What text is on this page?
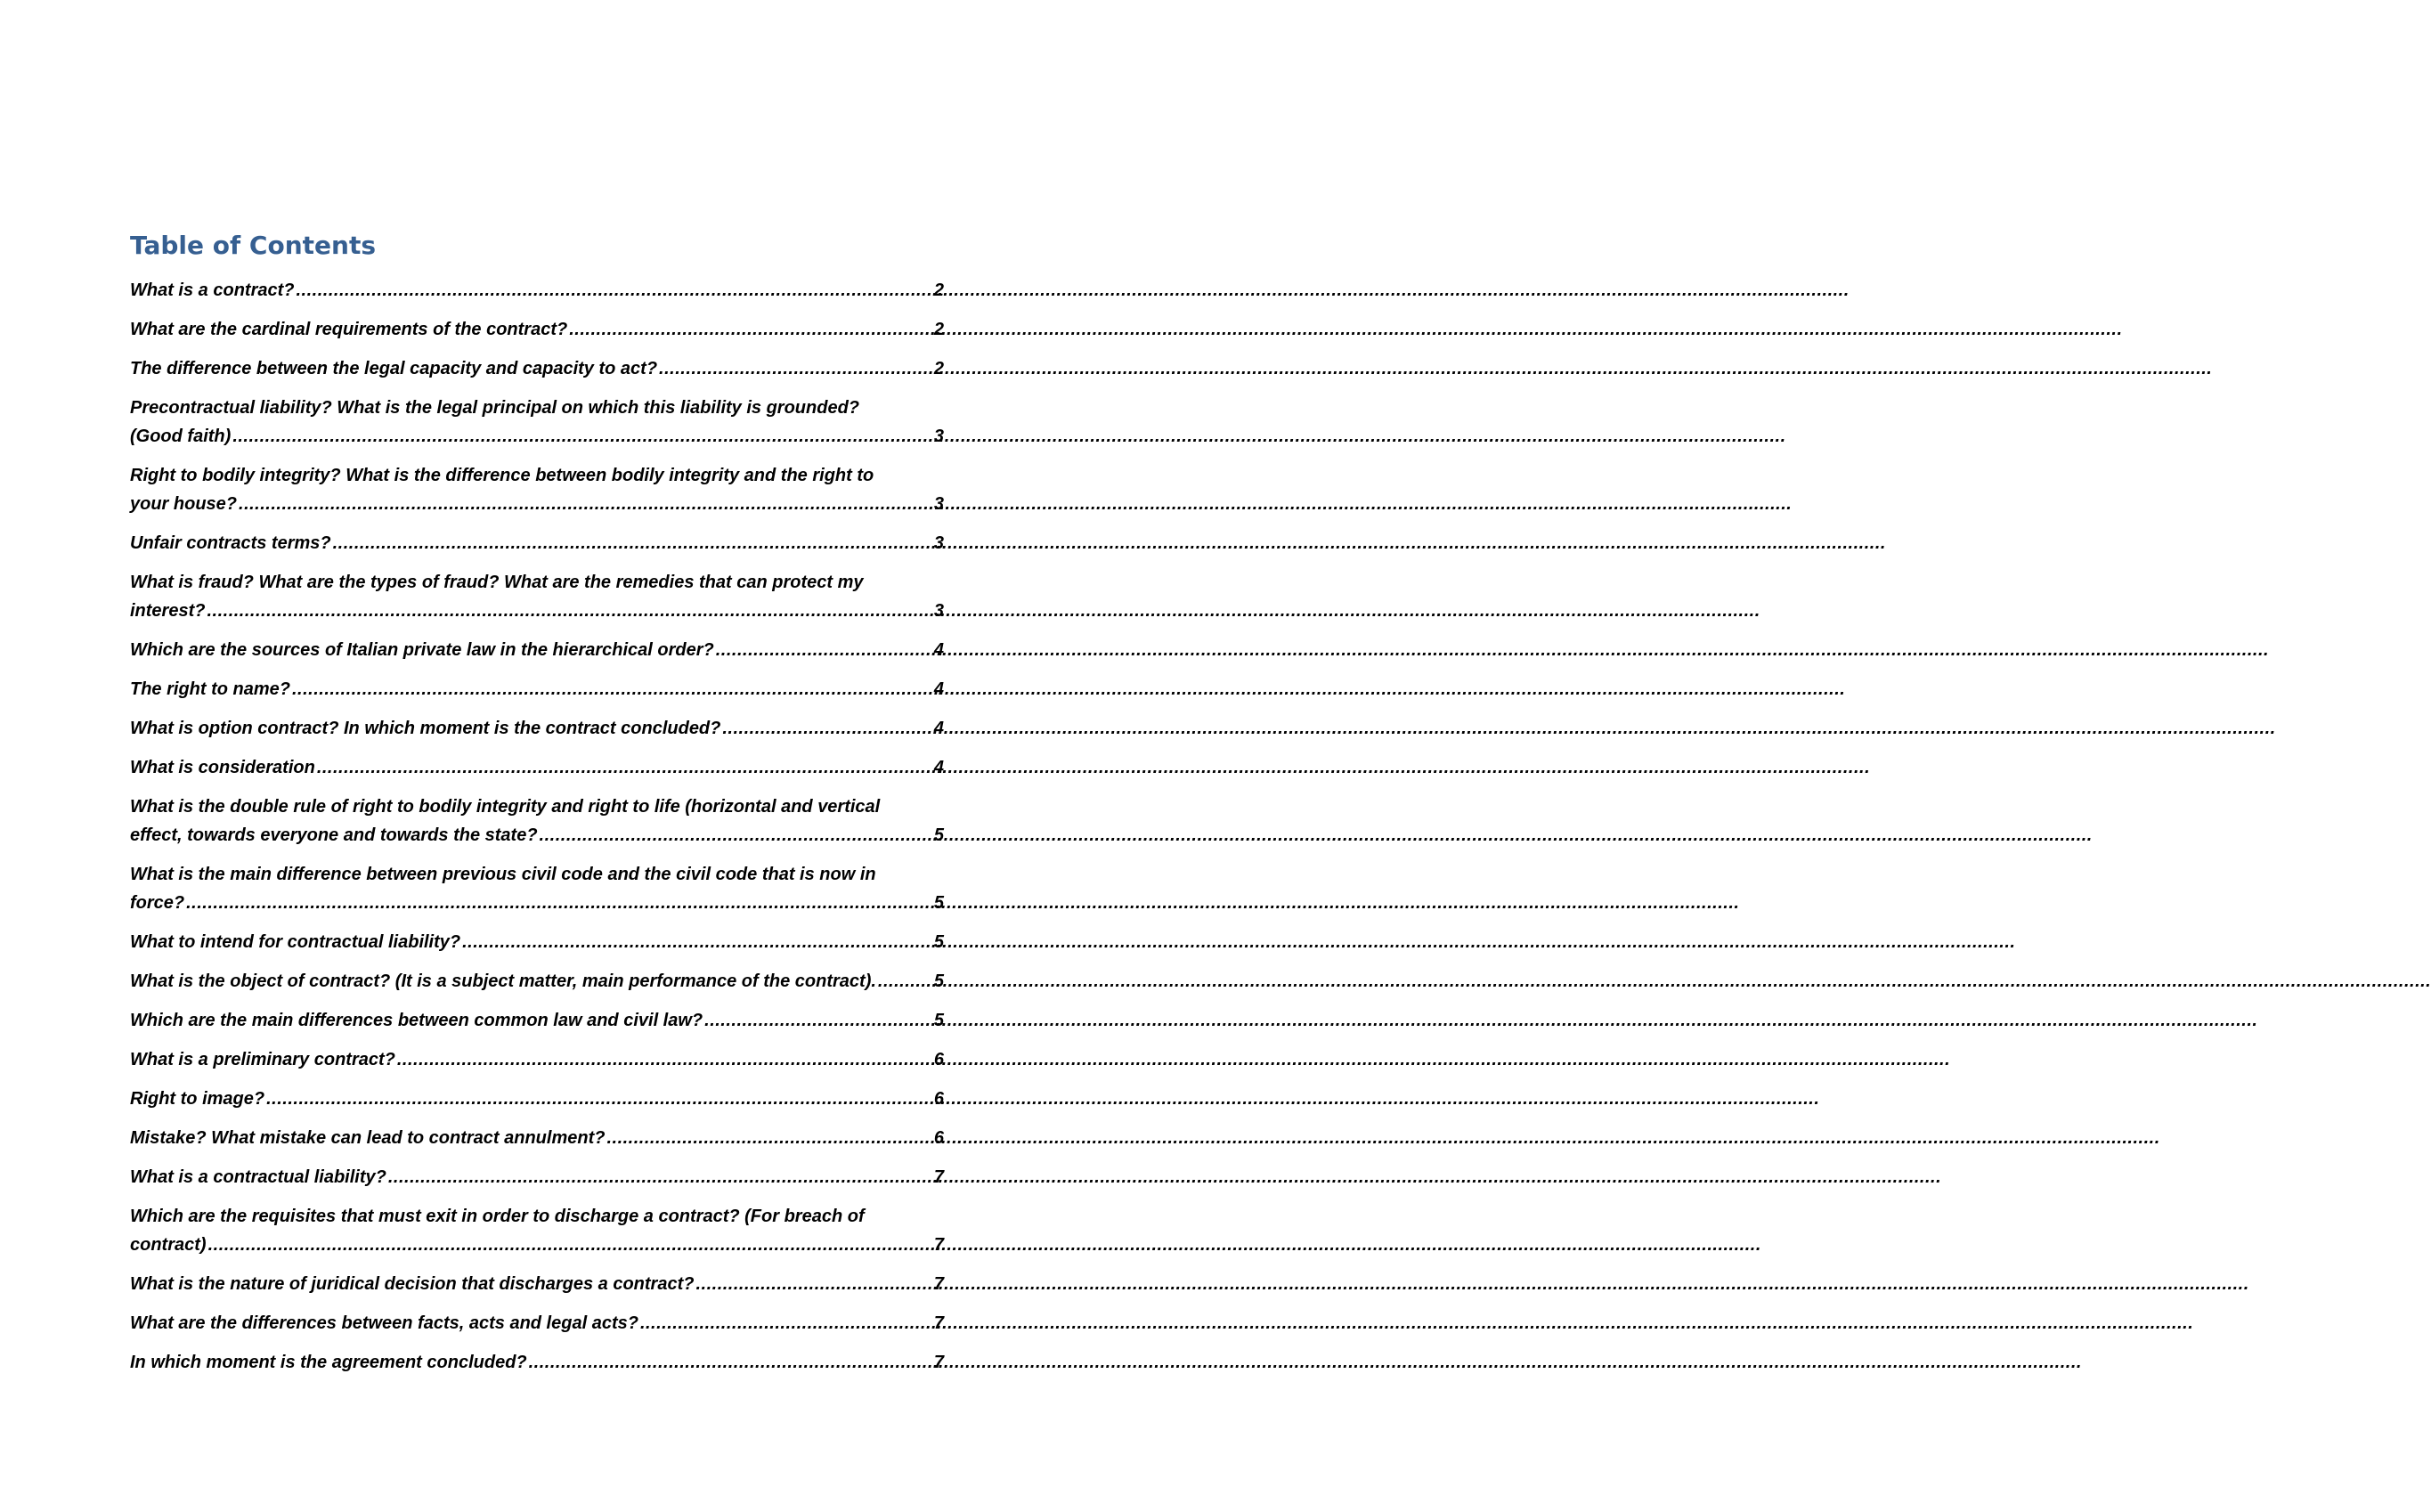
Table of Contents
What is a contract? .....	2
What are the cardinal requirements of the contract? .....	2
The difference between the legal capacity and capacity to act? .....	2
Precontractual liability? What is the legal principal on which this liability is grounded?
(Good faith) .....	3
Right to bodily integrity? What is the difference between bodily integrity and the right to
your house? .....	3
Unfair contracts terms? .....	3
What is fraud? What are the types of fraud? What are the remedies that can protect my
interest? .....	3
Which are the sources of Italian private law in the hierarchical order? .....	4
The right to name? .....	4
What is option contract? In which moment is the contract concluded? .....	4
What is consideration .....	4
What is the double rule of right to bodily integrity and right to life (horizontal and vertical
effect, towards everyone and towards the state? .....	5
What is the main difference between previous civil code and the civil code that is now in
force? .....	5
What to intend for contractual liability? .....	5
What is the object of contract? (It is a subject matter, main performance of the contract). .....	5
Which are the main differences between common law and civil law? .....	5
What is a preliminary contract? .....	6
Right to image? .....	6
Mistake? What mistake can lead to contract annulment? .....	6
What is a contractual liability? .....	7
Which are the requisites that must exit in order to discharge a contract? (For breach of
contract) .....	7
What is the nature of juridical decision that discharges a contract? .....	7
What are the differences between facts, acts and legal acts? .....	7
In which moment is the agreement concluded? .....	7
